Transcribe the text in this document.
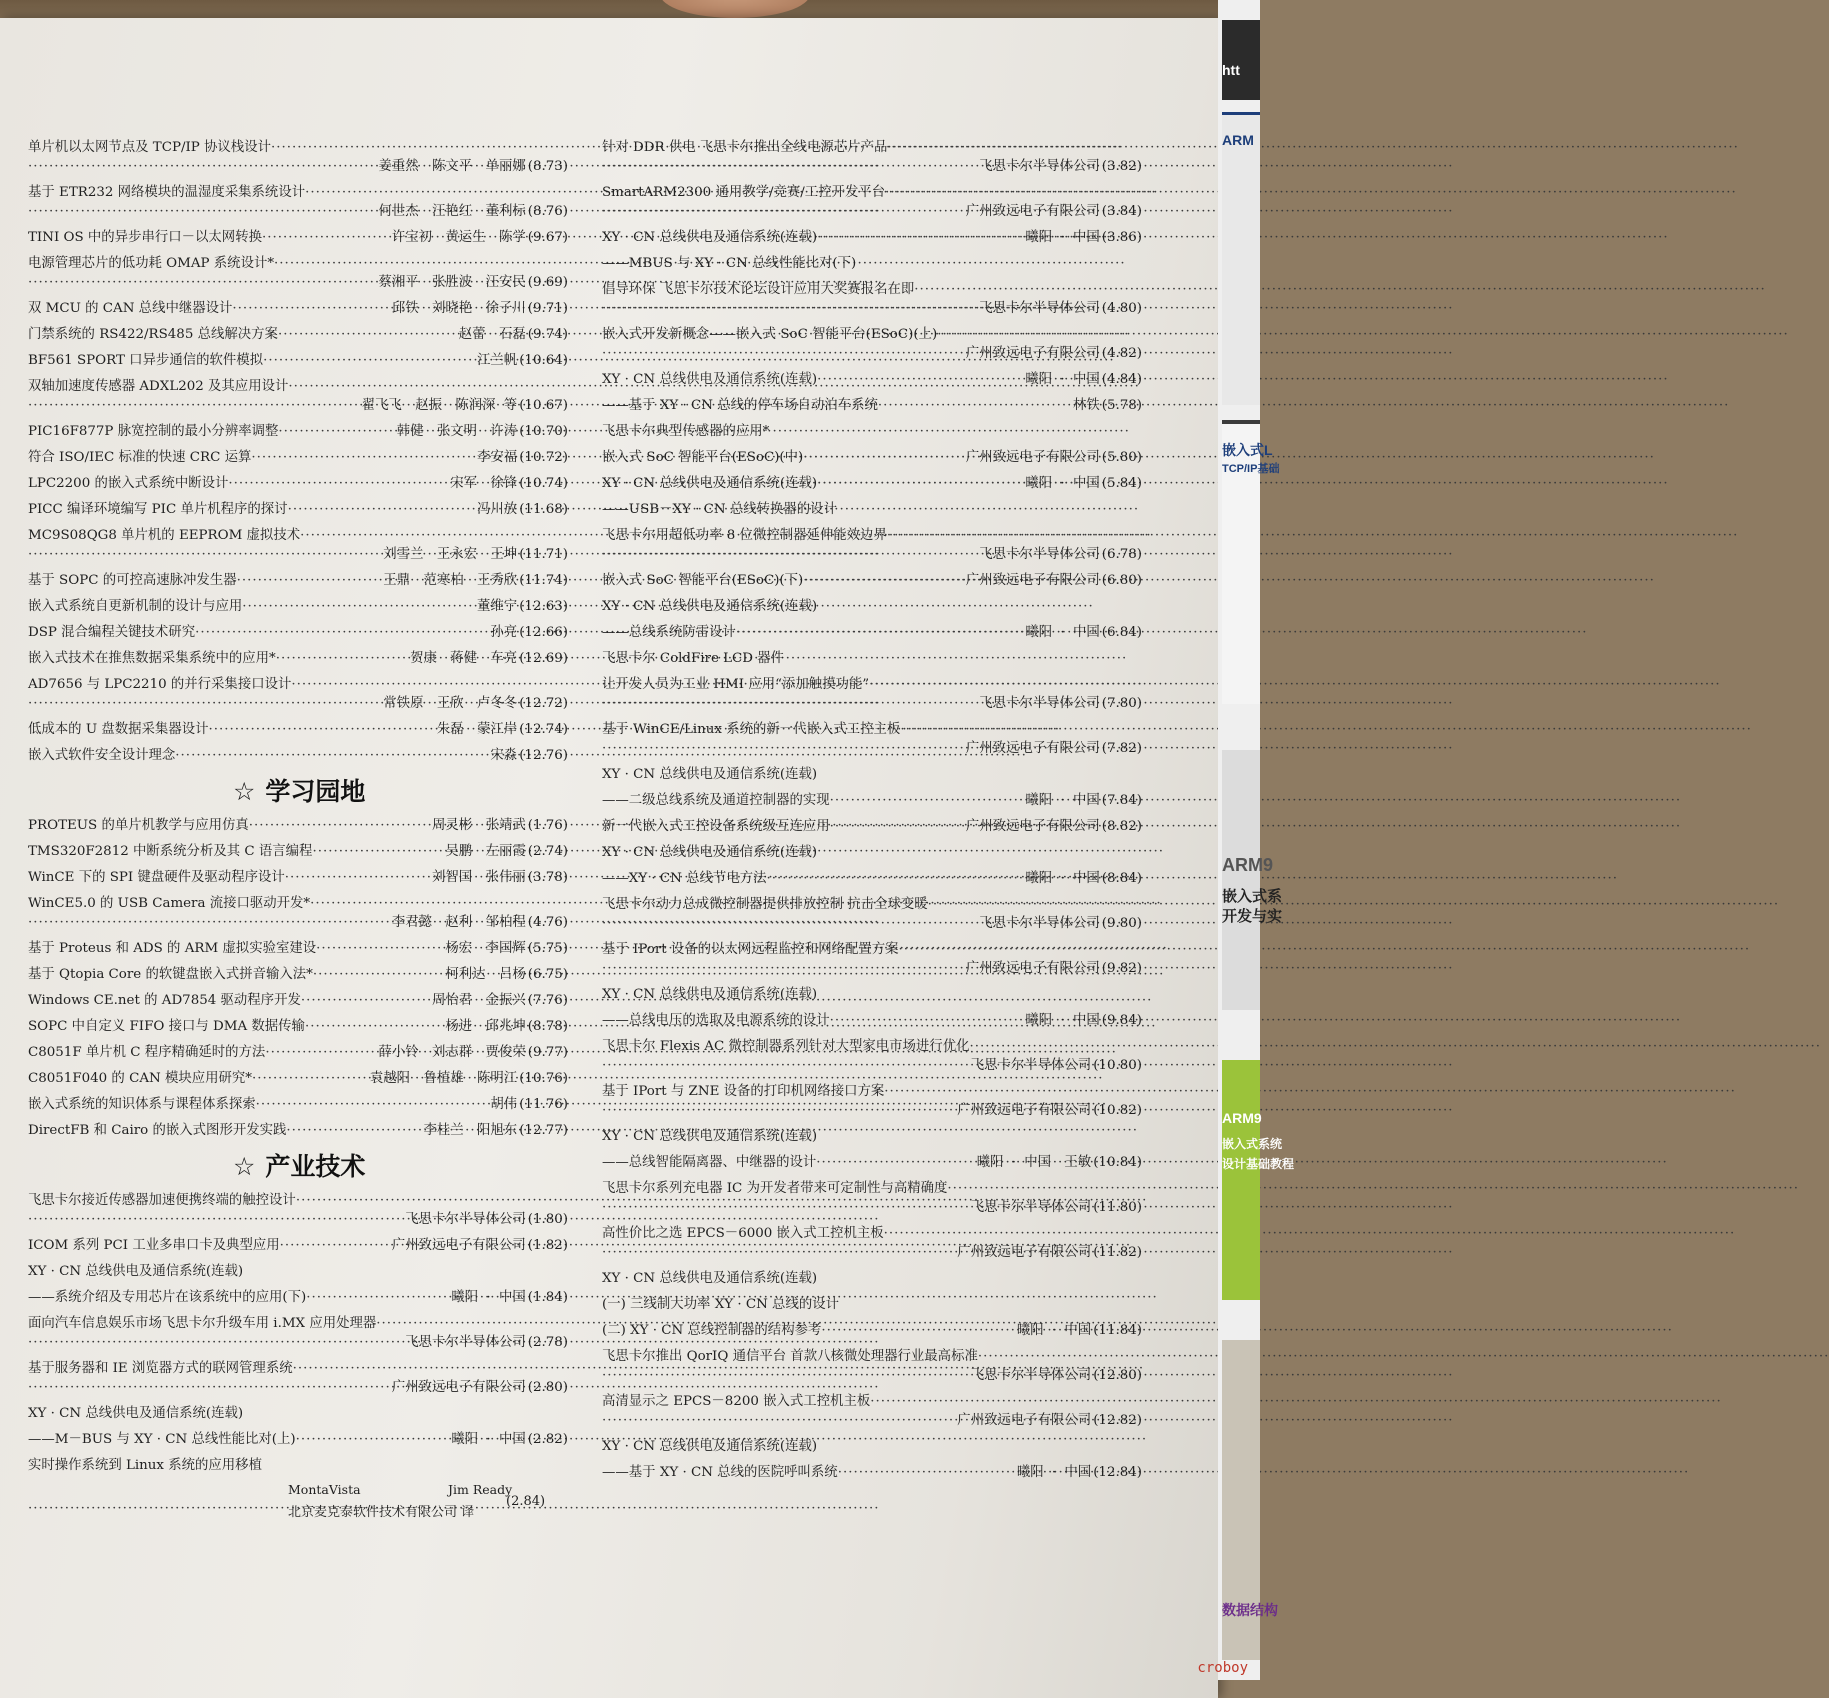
单片机以太网节点及 TCP/IP 协议栈设计
·····
·····
姜重然　陈文平　单丽娜 (8.73)
基于 ETR232 网络模块的温湿度采集系统设计
·····
·····
何世杰　汪艳红　董利标 (8.76)
TINI OS 中的异步串行口－以太网转换 ·····	许宝初　黄运生　陈学 (9.67)
电源管理芯片的低功耗 OMAP 系统设计*
·····
·····
蔡湘平　张胜波　汪安民 (9.69)
双 MCU 的 CAN 总线中继器设计 ·····	邱铁　刘晓艳　徐子川 (9.71)
门禁系统的 RS422/RS485 总线解决方案 ·····	赵蕾　石磊 (9.74)
BF561 SPORT 口异步通信的软件模拟 ·····	江兰帆 (10.64)
双轴加速度传感器 ADXL202 及其应用设计
·····
·····
翟飞飞　赵振　陈润深 等 (10.67)
PIC16F877P 脉宽控制的最小分辨率调整 ·····	韩健　张文明　许涛 (10.70)
符合 ISO/IEC 标准的快速 CRC 运算 ·····	李安福 (10.72)
LPC2200 的嵌入式系统中断设计 ·····	宋军　徐锋 (10.74)
PICC 编译环境编写 PIC 单片机程序的探讨 ·····	冯川放 (11.68)
MC9S08QG8 单片机的 EEPROM 虚拟技术
·····
·····
刘雪兰　王永宏　王坤 (11.71)
基于 SOPC 的可控高速脉冲发生器 ·····	王鼎　范寒柏　王秀欣 (11.74)
嵌入式系统自更新机制的设计与应用 ·····	董维宁 (12.63)
DSP 混合编程关键技术研究 ·····	孙亮 (12.66)
嵌入式技术在推焦数据采集系统中的应用* ·····	贺康　蒋健　车亮 (12.69)
AD7656 与 LPC2210 的并行采集接口设计
·····
·····
常铁原　王欣　卢冬冬 (12.72)
低成本的 U 盘数据采集器设计 ·····	朱磊　蒙江岸 (12.74)
嵌入式软件安全设计理念 ·····	宋淼 (12.76)
☆ 学习园地
PROTEUS 的单片机教学与应用仿真 ·····	周灵彬　张靖武 (1.76)
TMS320F2812 中断系统分析及其 C 语言编程 ·····	吴鹏　左丽霞 (2.74)
WinCE 下的 SPI 键盘硬件及驱动程序设计 ·····	刘智国　张伟丽 (3.78)
WinCE5.0 的 USB Camera 流接口驱动开发*
·····
·····
李君懿　赵利　邹柏程 (4.76)
基于 Proteus 和 ADS 的 ARM 虚拟实验室建设 ·····	杨宏　李国辉 (5.75)
基于 Qtopia Core 的软键盘嵌入式拼音输入法* ·····	柯利达　吕杨 (6.75)
Windows CE.net 的 AD7854 驱动程序开发 ·····	周怡君　金振兴 (7.76)
SOPC 中自定义 FIFO 接口与 DMA 数据传输 ·····	杨进　邱兆坤 (8.78)
C8051F 单片机 C 程序精确延时的方法 ·····	薛小铃　刘志群　贾俊荣 (9.77)
C8051F040 的 CAN 模块应用研究* ·····	袁越阳　鲁植雄　陈明江 (10.76)
嵌入式系统的知识体系与课程体系探索 ·····	胡伟 (11.76)
DirectFB 和 Cairo 的嵌入式图形开发实践 ·····	李桂兰　阳旭东 (12.77)
☆ 产业技术
飞思卡尔接近传感器加速便携终端的触控设计
·····
·····
飞思卡尔半导体公司 (1.80)
ICOM 系列 PCI 工业多串口卡及典型应用 ·····	广州致远电子有限公司 (1.82)
XY · CN 总线供电及通信系统(连载)
——系统介绍及专用芯片在该系统中的应用(下) ·····	曦阳 · 中国 (1.84)
面向汽车信息娱乐市场飞思卡尔升级车用 i.MX 应用处理器
·····
·····
飞思卡尔半导体公司 (2.78)
基于服务器和 IE 浏览器方式的联网管理系统
·····
·····
广州致远电子有限公司 (2.80)
XY · CN 总线供电及通信系统(连载)
——M－BUS 与 XY · CN 总线性能比对(上) ·····	曦阳 · 中国 (2.82)
实时操作系统到 Linux 系统的应用移植
MontaVista	Jim Ready
·····
北京麦克泰软件技术有限公司 译
(2.84)
针对 DDR 供电 飞思卡尔推出全线电源芯片产品
·····
·····
飞思卡尔半导体公司 (3.82)
SmartARM2300 通用教学/竞赛/工控开发平台
·····
·····
广州致远电子有限公司 (3.84)
XY · CN 总线供电及通信系统(连载) ·····	曦阳 · 中国 (3.86)
——MBUS 与 XY · CN 总线性能比对(下)
倡导环保 飞思卡尔技术论坛设计应用大奖赛报名在即
·····
·····
飞思卡尔半导体公司 (4.80)
嵌入式开发新概念——嵌入式 SoC 智能平台(ESoC)(上)
·····
·····
广州致远电子有限公司 (4.82)
XY · CN 总线供电及通信系统(连载) ·····	曦阳 · 中国 (4.84)
——基于 XY · CN 总线的停车场自动泊车系统 ·····	林铁 (5.78)
飞思卡尔典型传感器的应用*
嵌入式 SoC 智能平台(ESoC)(中) ·····	广州致远电子有限公司 (5.80)
XY · CN 总线供电及通信系统(连载) ·····	曦阳 · 中国 (5.84)
——USB－XY · CN 总线转换器的设计
飞思卡尔用超低功率 8 位微控制器延伸能效边界
·····
·····
飞思卡尔半导体公司 (6.78)
嵌入式 SoC 智能平台(ESoC)(下) ·····	广州致远电子有限公司 (6.80)
XY · CN 总线供电及通信系统(连载)
——总线系统防雷设计 ·····	曦阳 · 中国 (6.84)
飞思卡尔 ColdFire LCD 器件
让开发人员为工业 HMI 应用“添加触摸功能”
·····
·····
飞思卡尔半导体公司 (7.80)
基于 WinCE/Linux 系统的新一代嵌入式工控主板
·····
·····
广州致远电子有限公司 (7.82)
XY · CN 总线供电及通信系统(连载)
——二级总线系统及通道控制器的实现 ·····	曦阳 · 中国 (7.84)
新一代嵌入式工控设备系统级互连应用 ·····	广州致远电子有限公司 (8.82)
XY · CN 总线供电及通信系统(连载)
——XY · CN 总线节电方法 ·····	曦阳 · 中国 (8.84)
飞思卡尔动力总成微控制器提供排放控制 抗击全球变暖
·····
·····
飞思卡尔半导体公司 (9.80)
基于 IPort 设备的以太网远程监控和网络配置方案
·····
·····
广州致远电子有限公司 (9.82)
XY · CN 总线供电及通信系统(连载)
——总线电压的选取及电源系统的设计 ·····	曦阳 · 中国 (9.84)
飞思卡尔 Flexis AC 微控制器系列针对大型家电市场进行优化
·····
·····
飞思卡尔半导体公司 (10.80)
基于 IPort 与 ZNE 设备的打印机网络接口方案
·····
·····
广州致远电子有限公司 (10.82)
XY · CN 总线供电及通信系统(连载)
——总线智能隔离器、中继器的设计 ·····	曦阳 · 中国　王敏 (10.84)
飞思卡尔系列充电器 IC 为开发者带来可定制性与高精确度
·····
·····
飞思卡尔半导体公司 (11.80)
高性价比之选 EPCS－6000 嵌入式工控机主板
·····
·····
广州致远电子有限公司 (11.82)
XY · CN 总线供电及通信系统(连载)
(一) 三线制大功率 XY · CN 总线的设计
(二) XY · CN 总线控制器的结构参考 ·····	曦阳 · 中国 (11.84)
飞思卡尔推出 QorIQ 通信平台 首款八核微处理器行业最高标准
·····
·····
飞思卡尔半导体公司 (12.80)
高清显示之 EPCS－8200 嵌入式工控机主板
·····
·····
广州致远电子有限公司 (12.82)
XY · CN 总线供电及通信系统(连载)
——基于 XY · CN 总线的医院呼叫系统 ·····	曦阳 · 中国 (12.84)
htt
ARM
嵌入式L
TCP/IP基础
ARM9
嵌入式系
开发与实
ARM9
嵌入式系统
设计基础教程
数据结构
croboy
